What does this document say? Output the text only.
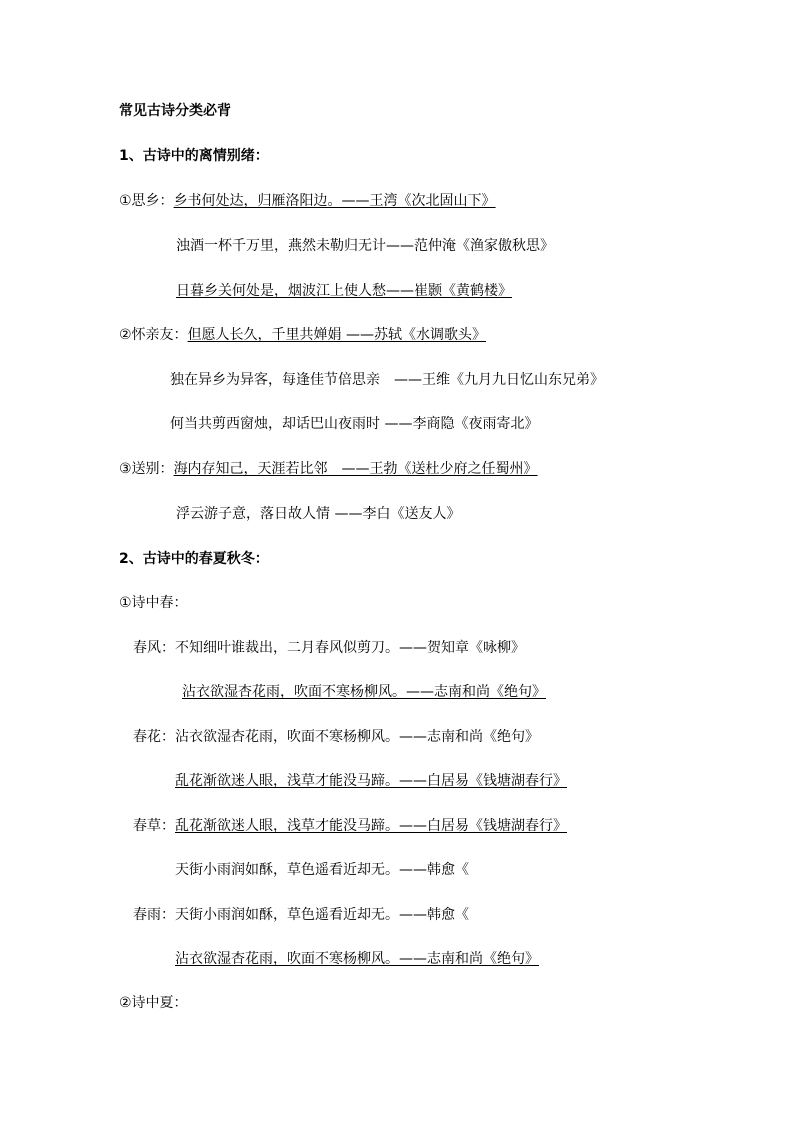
常见古诗分类必背
1、古诗中的离情别绪：
①思乡：乡书何处达，归雁洛阳边。——王湾《次北固山下》
浊酒一杯千万里，燕然未勒归无计——范仲淹《渔家傲秋思》
日暮乡关何处是，烟波江上使人愁——崔颢《黄鹤楼》
②怀亲友：但愿人长久，千里共婵娟 ——苏轼《水调歌头》
独在异乡为异客，每逢佳节倍思亲　——王维《九月九日忆山东兄弟》
何当共剪西窗烛，却话巴山夜雨时 ——李商隐《夜雨寄北》
③送别：海内存知己，天涯若比邻　——王勃《送杜少府之任蜀州》
浮云游子意，落日故人情 ——李白《送友人》
2、古诗中的春夏秋冬：
①诗中春：
春风：不知细叶谁裁出，二月春风似剪刀。——贺知章《咏柳》
沾衣欲湿杏花雨，吹面不寒杨柳风。——志南和尚《绝句》
春花：沾衣欲湿杏花雨，吹面不寒杨柳风。——志南和尚《绝句》
乱花渐欲迷人眼，浅草才能没马蹄。——白居易《钱塘湖春行》
春草：乱花渐欲迷人眼，浅草才能没马蹄。——白居易《钱塘湖春行》
天街小雨润如酥，草色遥看近却无。——韩愈《
春雨：天街小雨润如酥，草色遥看近却无。——韩愈《
沾衣欲湿杏花雨，吹面不寒杨柳风。——志南和尚《绝句》
②诗中夏：
